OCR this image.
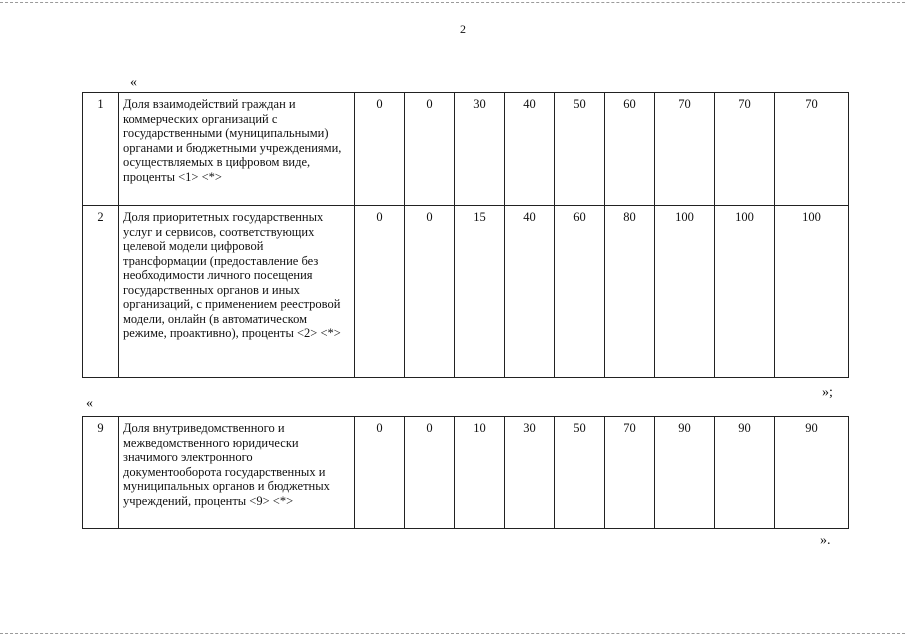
2
«
1	Доля взаимодействий граждан и коммерческих организаций с государственными (муниципальными) органами и бюджетными учреждениями, осуществляемых в цифровом виде, проценты <1> <*>	0	0	30	40	50	60	70	70	70
2	Доля приоритетных государственных услуг и сервисов, соответствующих целевой модели цифровой трансформации (предоставление без необходимости личного посещения государственных органов и иных организаций, с применением реестровой модели, онлайн (в автоматическом режиме, проактивно), проценты <2> <*>	0	0	15	40	60	80	100	100	100
»;
«
9	Доля внутриведомственного и межведомственного юридически значимого электронного документооборота государственных и муниципальных органов и бюджетных учреждений, проценты <9> <*>	0	0	10	30	50	70	90	90	90
».
